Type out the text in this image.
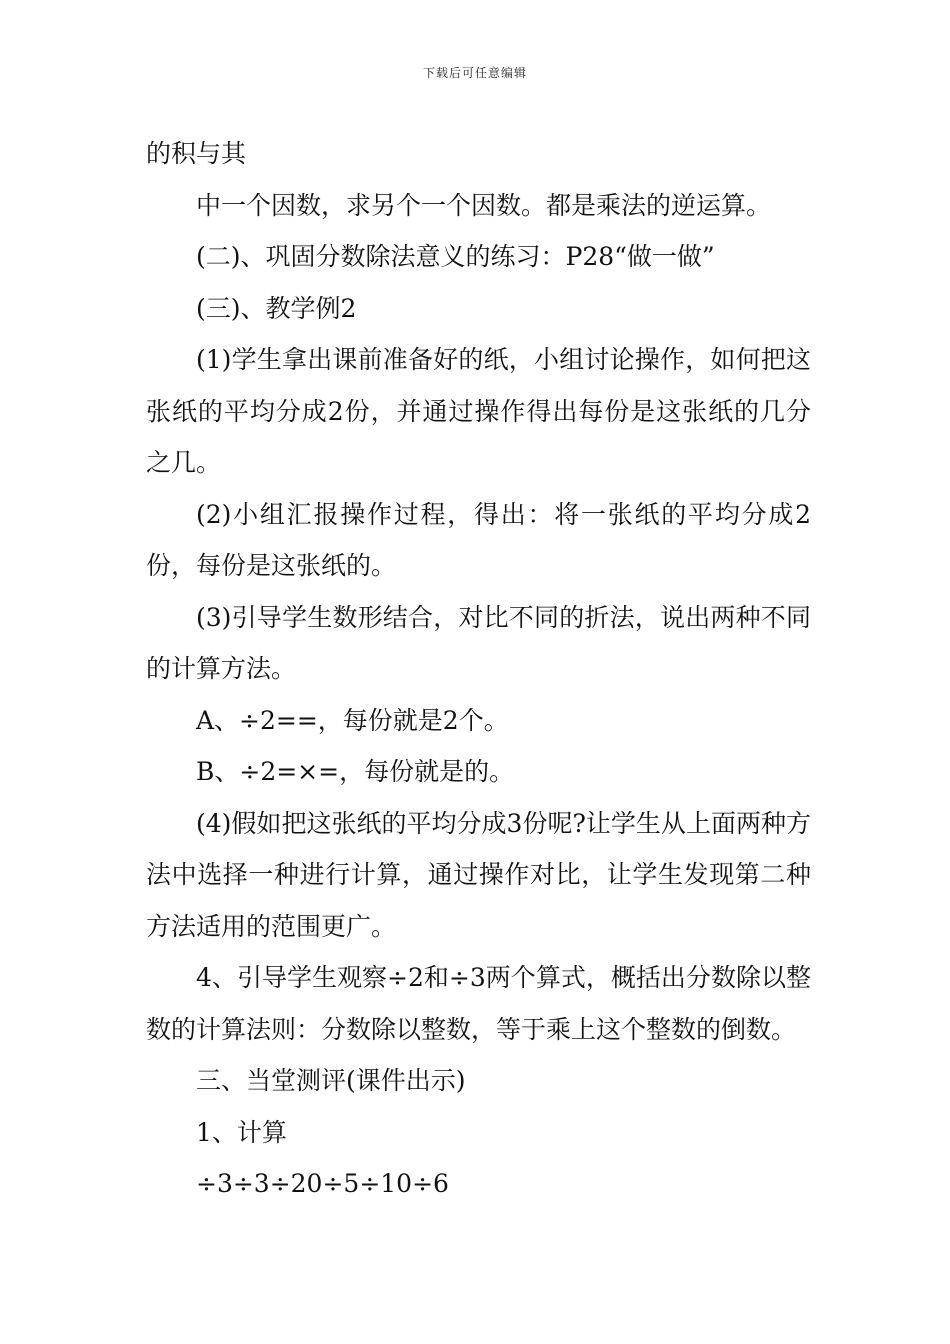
下载后可任意编辑

的积与其

中一个因数，求另个一个因数。都是乘法的逆运算。

(二)、巩固分数除法意义的练习：P28“做一做”

(三)、教学例2

(1)学生拿出课前准备好的纸，小组讨论操作，如何把这张纸的平均分成2份，并通过操作得出每份是这张纸的几分之几。

(2)小组汇报操作过程，得出：将一张纸的平均分成2份，每份是这张纸的。

(3)引导学生数形结合，对比不同的折法，说出两种不同的计算方法。

A、÷2==，每份就是2个。

B、÷2=×=，每份就是的。

(4)假如把这张纸的平均分成3份呢?让学生从上面两种方法中选择一种进行计算，通过操作对比，让学生发现第二种方法适用的范围更广。

4、引导学生观察÷2和÷3两个算式，概括出分数除以整数的计算法则：分数除以整数，等于乘上这个整数的倒数。

三、当堂测评(课件出示)

1、计算

÷3÷3÷20÷5÷10÷6
